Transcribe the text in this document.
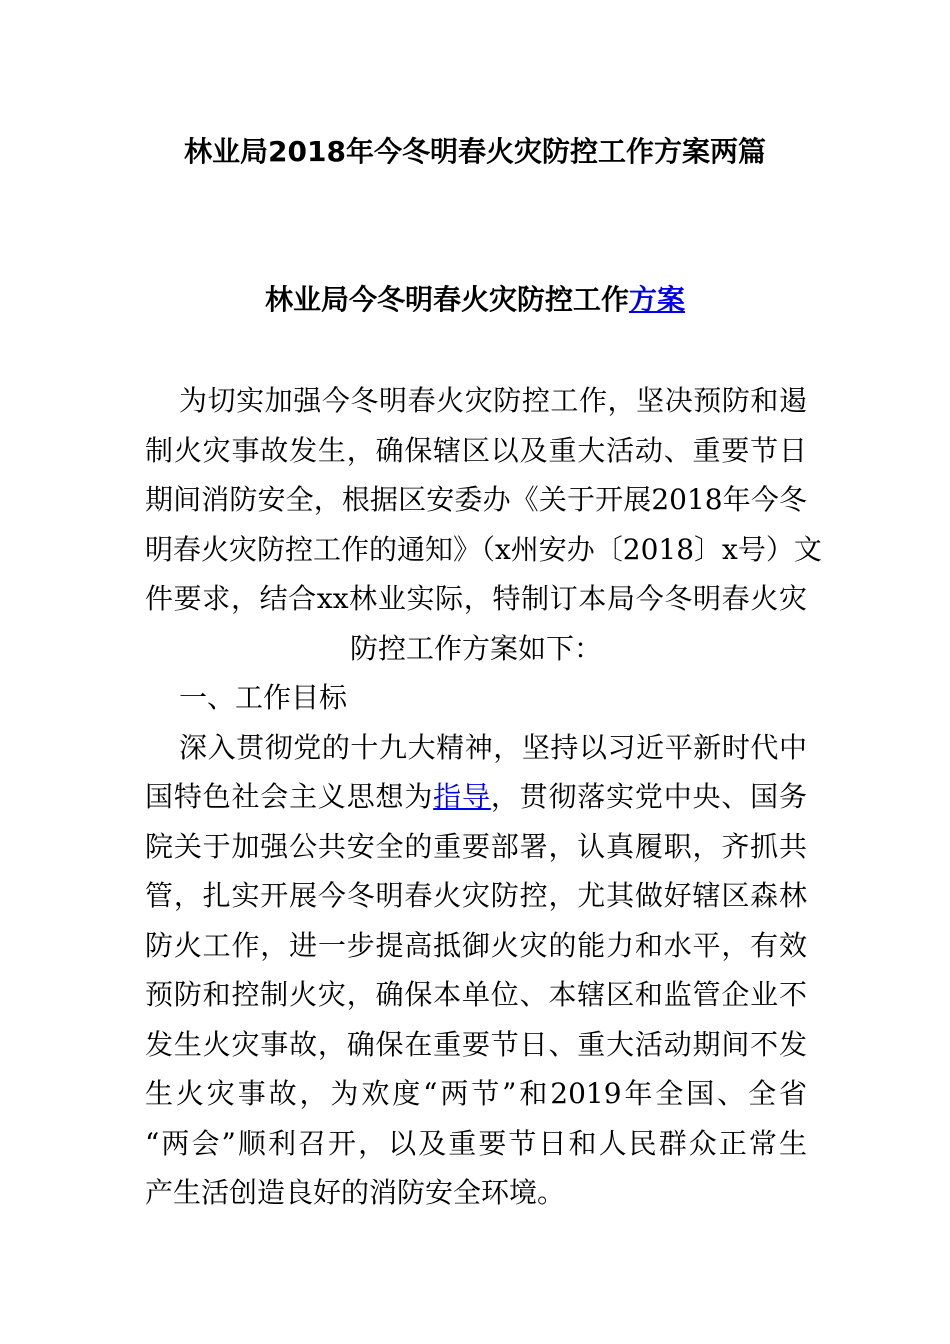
林业局2018年今冬明春火灾防控工作方案两篇
林业局今冬明春火灾防控工作方案
为切实加强今冬明春火灾防控工作，坚决预防和遏
制火灾事故发生，确保辖区以及重大活动、重要节日
期间消防安全，根据区安委办《关于开展2018年今冬
明春火灾防控工作的通知》（x州安办〔2018〕x号）文
件要求，结合xx林业实际，特制订本局今冬明春火灾
防控工作方案如下：
一、工作目标
深入贯彻党的十九大精神，坚持以习近平新时代中
国特色社会主义思想为指导，贯彻落实党中央、国务
院关于加强公共安全的重要部署，认真履职，齐抓共
管，扎实开展今冬明春火灾防控，尤其做好辖区森林
防火工作，进一步提高抵御火灾的能力和水平，有效
预防和控制火灾，确保本单位、本辖区和监管企业不
发生火灾事故，确保在重要节日、重大活动期间不发
生火灾事故，为欢度“两节”和2019年全国、全省
“两会”顺利召开，以及重要节日和人民群众正常生
产生活创造良好的消防安全环境。
